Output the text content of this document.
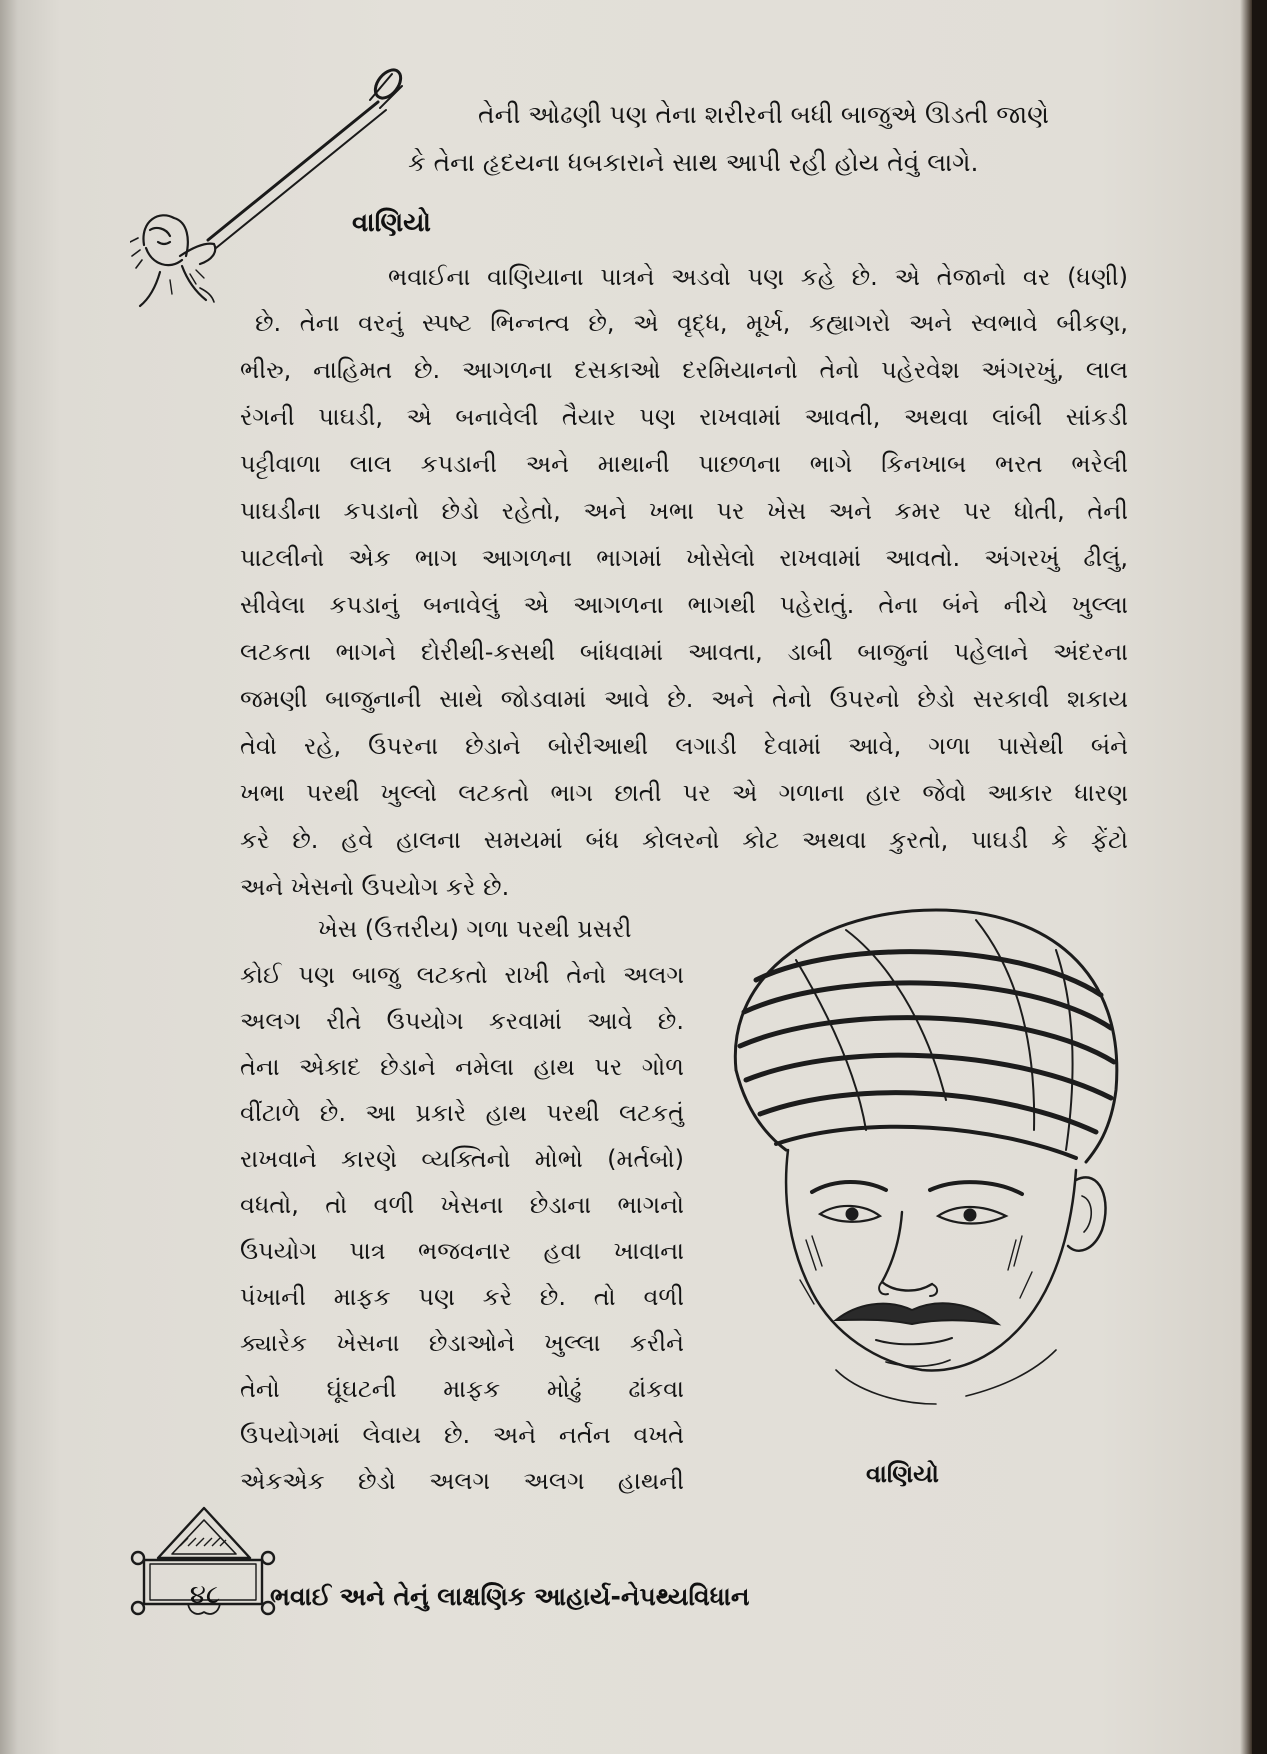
તેની ઓઢણી પણ તેના શરીરની બધી બાજુએ ઊડતી જાણે
કે તેના હૃદયના ધબકારાને સાથ આપી રહી હોય તેવું લાગે.
વાણિયો
ભવાઈના વાણિયાના પાત્રને અડવો પણ કહે છે. એ તેજાનો વર (ધણી)
છે. તેના વરનું સ્પષ્ટ ભિન્નત્વ છે, એ વૃદ્ધ, મૂર્ખ, કહ્યાગરો અને સ્વભાવે બીકણ,
ભીરુ, નાહિમત છે. આગળના દસકાઓ દરમિયાનનો તેનો પહેરવેશ અંગરખું, લાલ
રંગની પાઘડી, એ બનાવેલી તૈયાર પણ રાખવામાં આવતી, અથવા લાંબી સાંકડી
પટ્ટીવાળા લાલ કપડાની અને માથાની પાછળના ભાગે કિનખાબ ભરત ભરેલી
પાઘડીના કપડાનો છેડો રહેતો, અને ખભા પર ખેસ અને કમર પર ધોતી, તેની
પાટલીનો એક ભાગ આગળના ભાગમાં ખોસેલો રાખવામાં આવતો. અંગરખું ઢીલું,
સીવેલા કપડાનું બનાવેલું એ આગળના ભાગથી પહેરાતું. તેના બંને નીચે ખુલ્લા
લટકતા ભાગને દોરીથી-કસથી બાંધવામાં આવતા, ડાબી બાજુનાં પહેલાને અંદરના
જમણી બાજુનાની સાથે જોડવામાં આવે છે. અને તેનો ઉપરનો છેડો સરકાવી શકાય
તેવો રહે, ઉપરના છેડાને બોરીઆથી લગાડી દેવામાં આવે, ગળા પાસેથી બંને
ખભા પરથી ખુલ્લો લટકતો ભાગ છાતી પર એ ગળાના હાર જેવો આકાર ધારણ
કરે છે. હવે હાલના સમયમાં બંધ કોલરનો કોટ અથવા કુરતો, પાઘડી કે ફેંટો
અને ખેસનો ઉપયોગ કરે છે.
ખેસ (ઉત્તરીય) ગળા પરથી પ્રસરી
કોઈ પણ બાજુ લટકતો રાખી તેનો અલગ
અલગ રીતે ઉપયોગ કરવામાં આવે છે.
તેના એકાદ છેડાને નમેલા હાથ પર ગોળ
વીંટાળે છે. આ પ્રકારે હાથ પરથી લટકતું
રાખવાને કારણે વ્યક્તિનો મોભો (મર્તબો)
વધતો, તો વળી ખેસના છેડાના ભાગનો
ઉપયોગ પાત્ર ભજવનાર હવા ખાવાના
પંખાની માફક પણ કરે છે. તો વળી
ક્યારેક ખેસના છેડાઓને ખુલ્લા કરીને
તેનો ઘૂંઘટની માફક મોઢું ઢાંકવા
ઉપયોગમાં લેવાય છે. અને નર્તન વખતે
એકએક છેડો અલગ અલગ હાથની	વાણિયો
૪૮	ભવાઈ અને તેનું લાક્ષણિક આહાર્ય-નેપથ્યવિધાન
